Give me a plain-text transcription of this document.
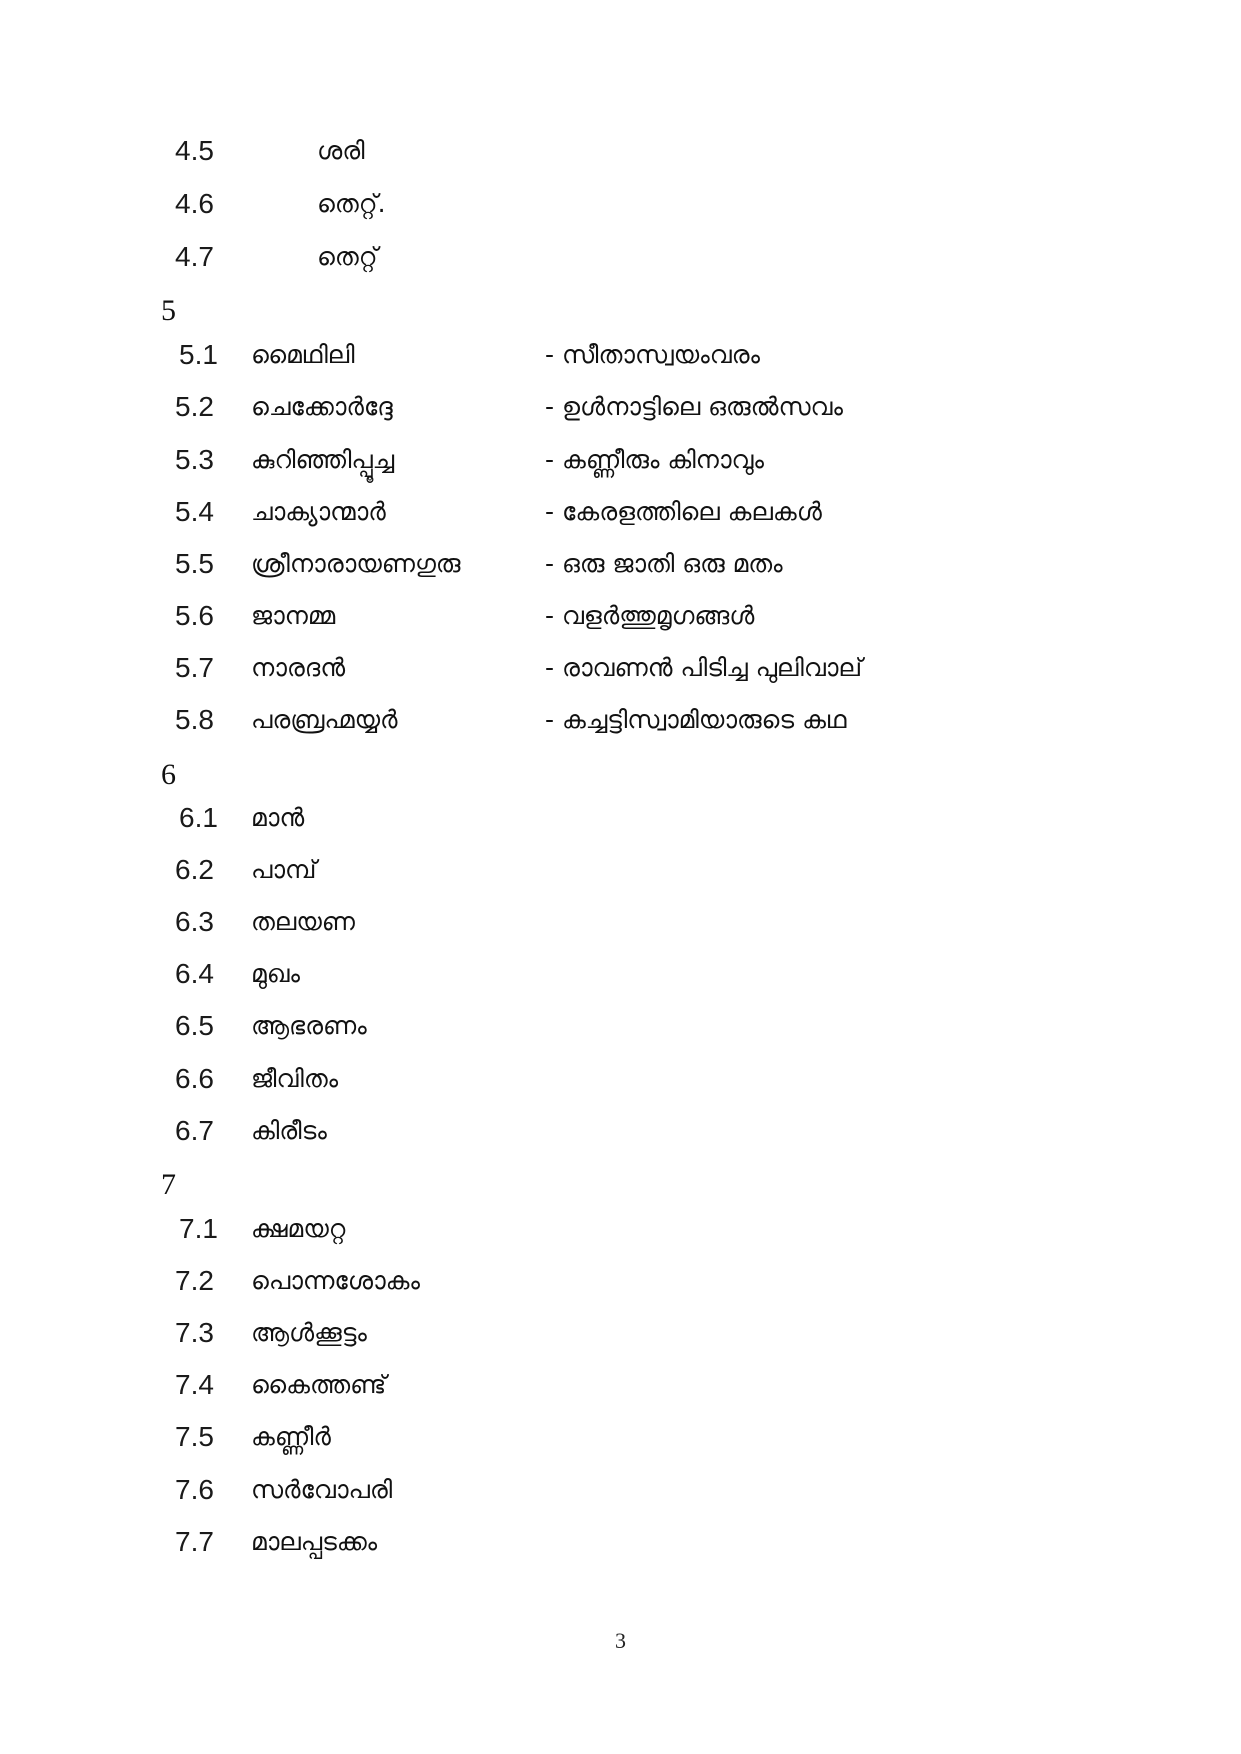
4.5	ശരി
4.6	തെറ്റ്.
4.7	തെറ്റ്
5
5.1 മൈഥിലി	- സീതാസ്വയംവരം
5.2 ചെക്കോർദ്ദേ	- ഉൾനാട്ടിലെ ഒരുൽസവം
5.3 കുറിഞ്ഞിപ്പൂച്ച	- കണ്ണീരും കിനാവും
5.4 ചാക്യാന്മാർ	- കേരളത്തിലെ കലകൾ
5.5 ശ്രീനാരായണഗുരു	- ഒരു ജാതി ഒരു മതം
5.6 ജാനമ്മ	- വളർത്തുമൃഗങ്ങൾ
5.7 നാരദൻ	- രാവണൻ പിടിച്ച പുലിവാല്
5.8 പരബ്രഹ്മയ്യർ	- കച്ചട്ടിസ്വാമിയാരുടെ കഥ
6
6.1 മാൻ
6.2 പാമ്പ്
6.3 തലയണ
6.4 മുഖം
6.5 ആഭരണം
6.6 ജീവിതം
6.7 കിരീടം
7
7.1 ക്ഷമയറ്റ
7.2 പൊന്നശോകം
7.3 ആൾക്കൂട്ടം
7.4 കൈത്തണ്ട്
7.5 കണ്ണീർ
7.6 സർവോപരി
7.7 മാലപ്പടക്കം
3
